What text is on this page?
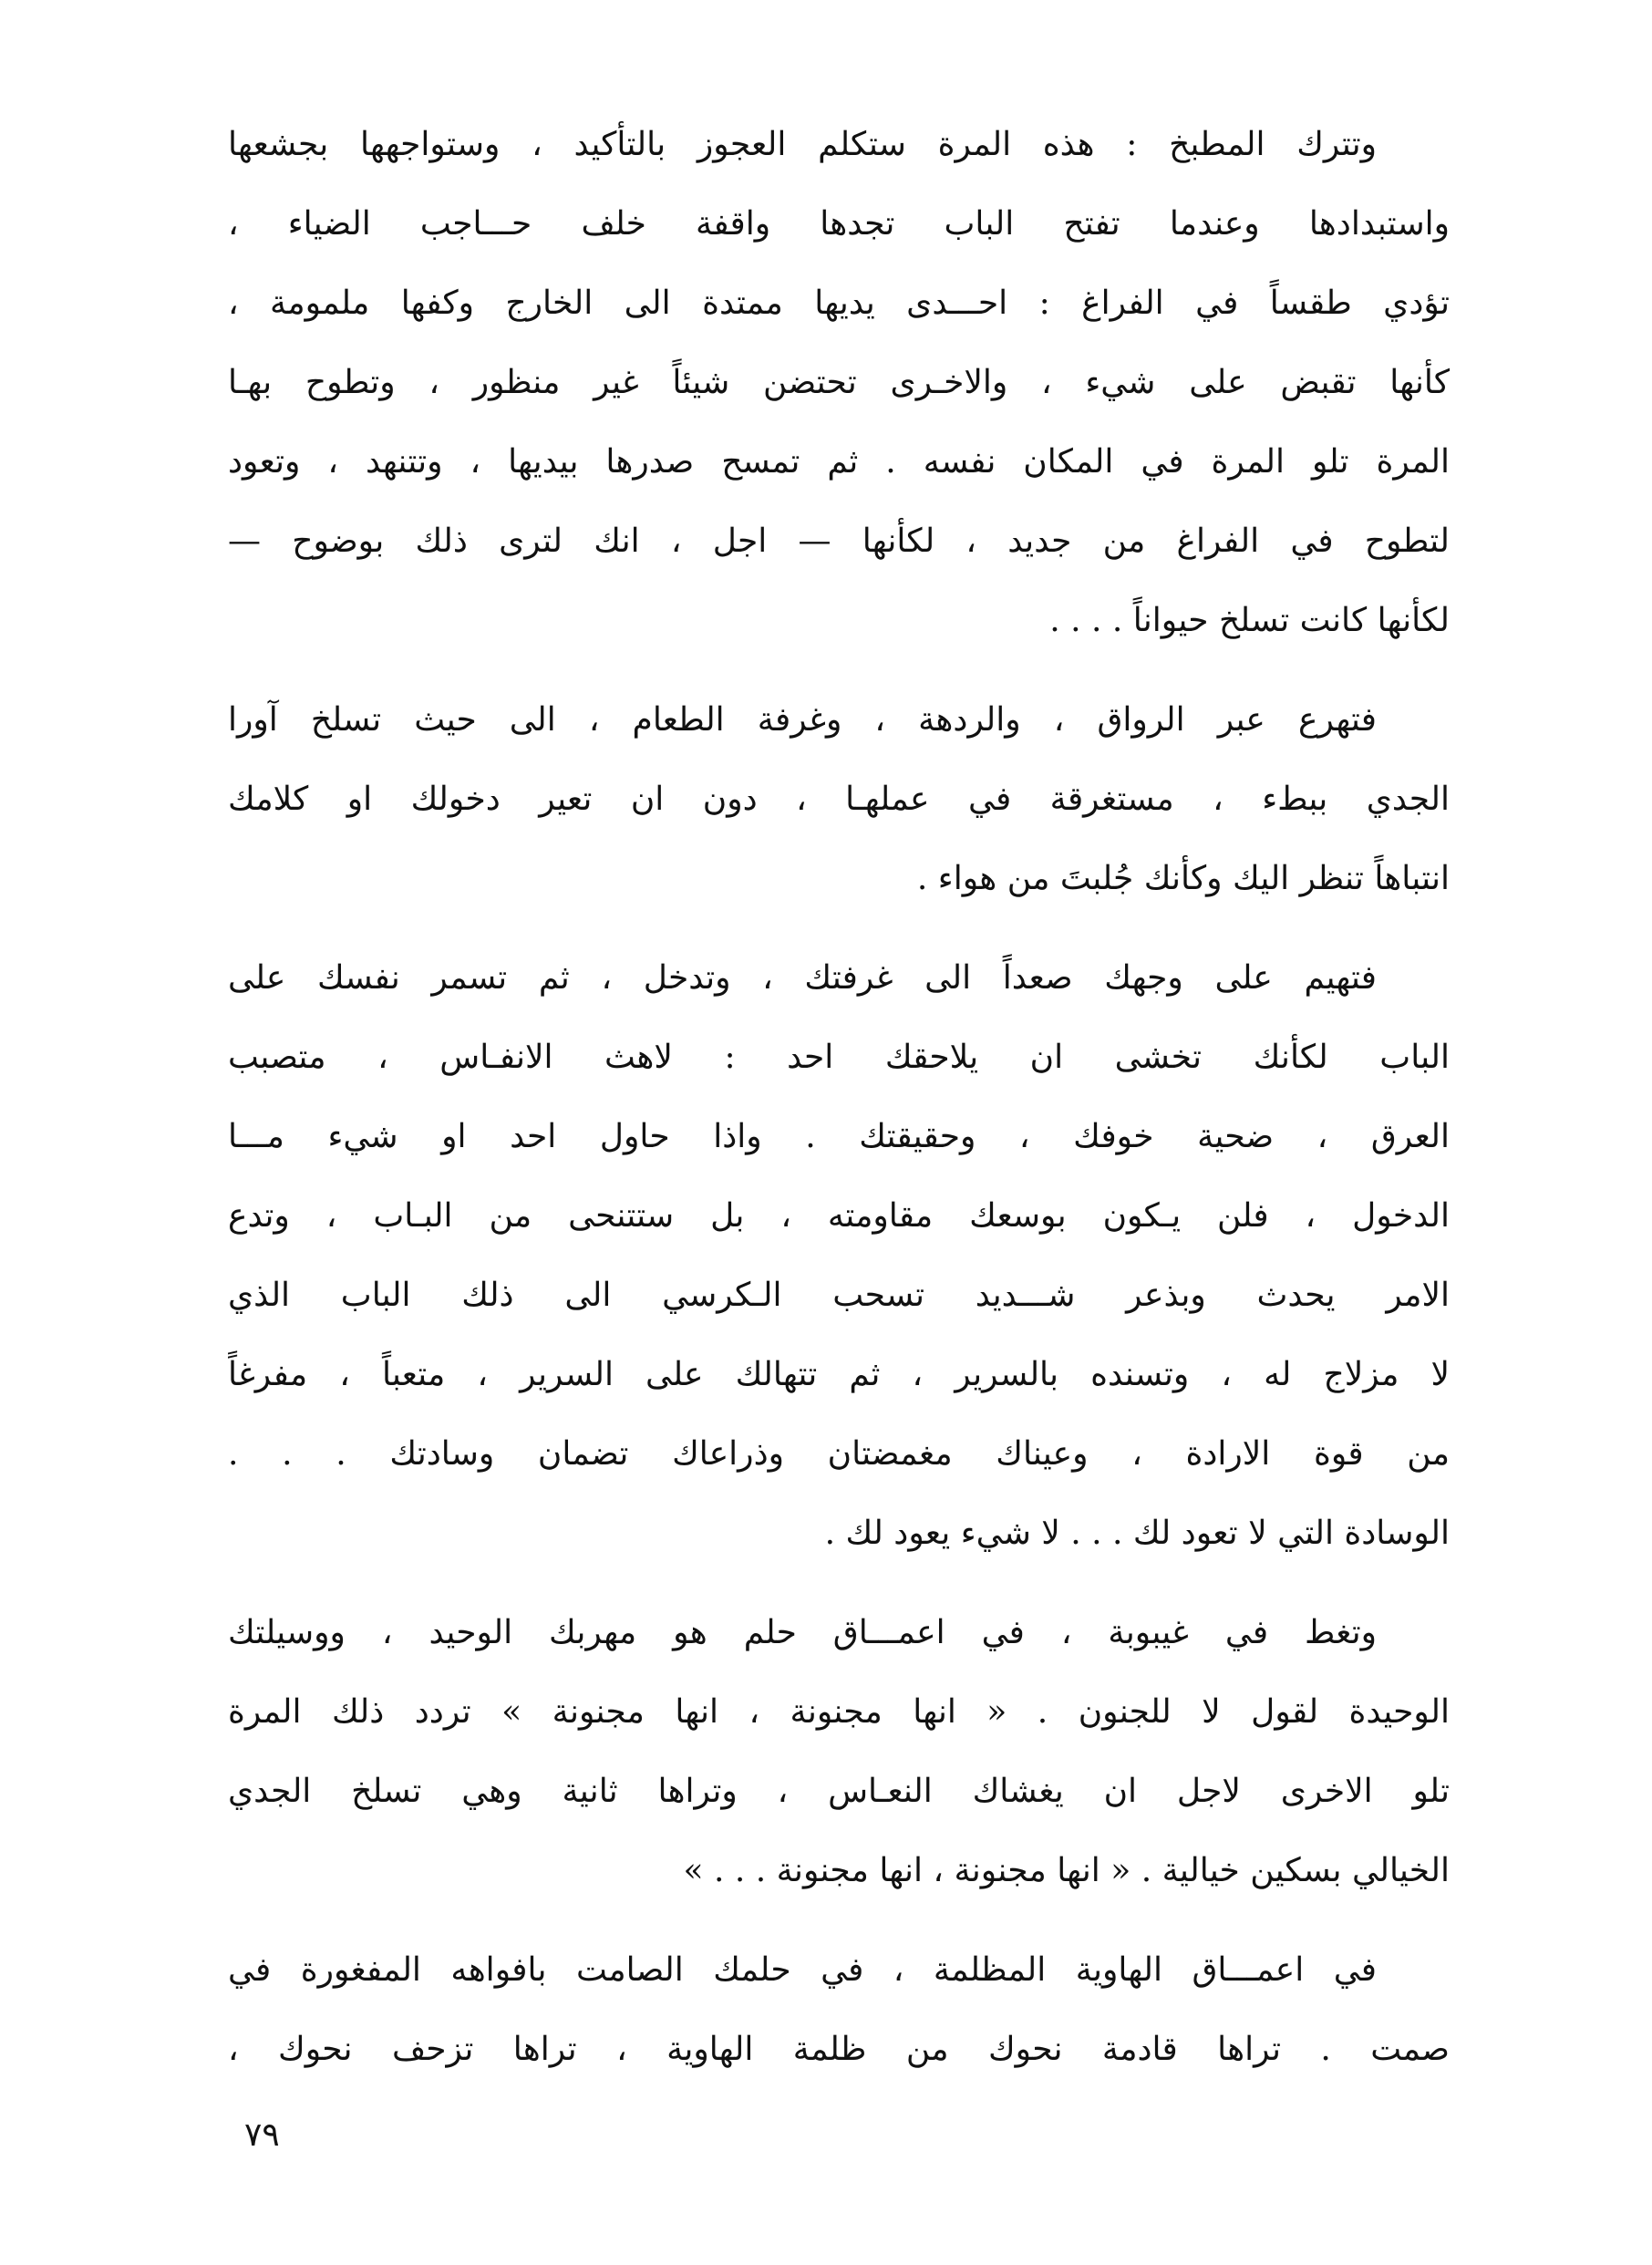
وتترك المطبخ : هذه المرة ستكلم العجوز بالتأكيد ، وستواجهها بجشعها
واستبدادها وعندما تفتح الباب تجدها واقفة خلف حـــاجب الضياء ،
تؤدي طقساً في الفراغ : احـــدى يديها ممتدة الى الخارج وكفها ملمومة ،
كأنها تقبض على شيء ، والاخـرى تحتضن شيئاً غير منظور ، وتطوح بهـا
المرة تلو المرة في المكان نفسه . ثم تمسح صدرها بيديها ، وتتنهد ، وتعود
لتطوح في الفراغ من جديد ، لكأنها — اجل ، انك لترى ذلك بوضوح —
لكأنها كانت تسلخ حيواناً . . . .
فتهرع عبر الرواق ، والردهة ، وغرفة الطعام ، الى حيث تسلخ آورا
الجدي ببطء ، مستغرقة في عملهـا ، دون ان تعير دخولك او كلامك
انتباهاً تنظر اليك وكأنك جُلبتَ من هواء .
فتهيم على وجهك صعداً الى غرفتك ، وتدخل ، ثم تسمر نفسك على
الباب لكأنك تخشى ان يلاحقك احد : لاهث الانفـاس ، متصبب
العرق ، ضحية خوفك ، وحقيقتك . واذا حاول احد او شيء مـــا
الدخول ، فلن يـكون بوسعك مقاومته ، بل ستتنحى من البـاب ، وتدع
الامر يحدث وبذعر شـــديد تسحب الـكرسي الى ذلك الباب الذي
لا مزلاج له ، وتسنده بالسرير ، ثم تتهالك على السرير ، متعباً ، مفرغاً
من قوة الارادة ، وعيناك مغمضتان وذراعاك تضمان وسادتك . . .
الوسادة التي لا تعود لك . . . لا شيء يعود لك .
وتغط في غيبوبة ، في اعمـــاق حلم هو مهربك الوحيد ، ووسيلتك
الوحيدة لقول لا للجنون . « انها مجنونة ، انها مجنونة » تردد ذلك المرة
تلو الاخرى لاجل ان يغشاك النعـاس ، وتراها ثانية وهي تسلخ الجدي
الخيالي بسكين خيالية . « انها مجنونة ، انها مجنونة . . . »
في اعمـــاق الهاوية المظلمة ، في حلمك الصامت بافواهه المفغورة في
صمت . تراها قادمة نحوك من ظلمة الهاوية ، تراها تزحف نحوك ،
٧٩
